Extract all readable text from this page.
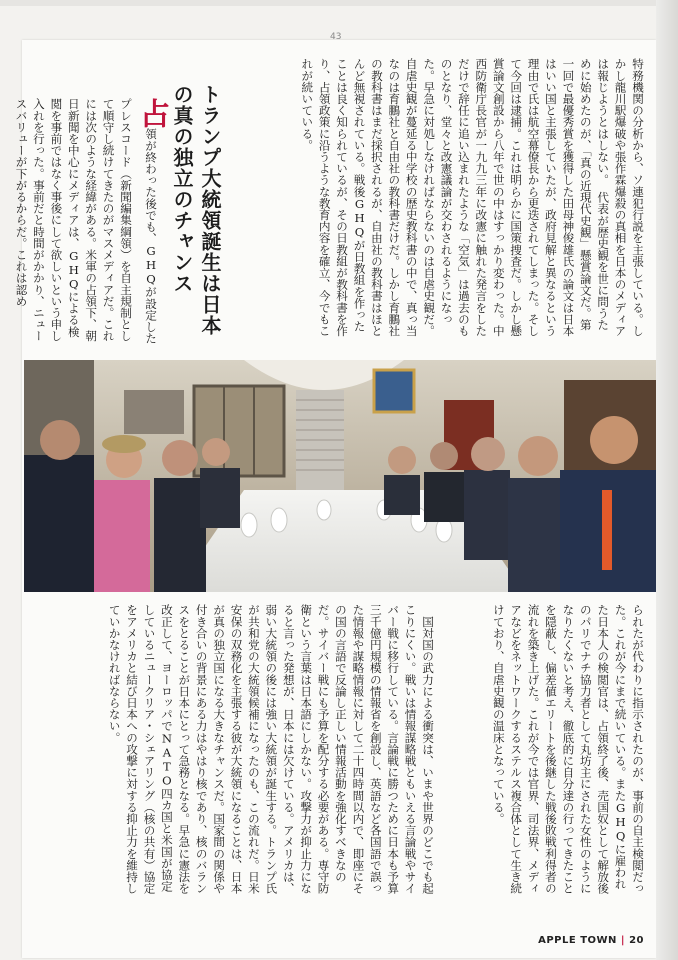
43

特務機関の分析から、ソ連犯行説を主張している。しかし龍川駅爆破や張作霖爆殺の真相を日本のメディアは報じようとはしない。　代表が歴史観を世に問うために始めたのが、「真の近現代史観」懸賞論文だ。第一回で最優秀賞を獲得した田母神俊雄氏の論文は日本はいい国と主張していたが、政府見解と異なるという理由で氏は航空幕僚長から更迭されてしまった。そして今回は逮捕。これは明らかに国策捜査だ。しかし懸賞論文創設から八年で世の中はすっかり変わった。中西防衛庁長官が一九九三年に改憲に触れた発言をしただけで辞任に追い込まれたような「空気」は過去のものとなり、堂々と改憲議論が交わされるようになった。早急に対処しなければならないのは自虐史観だ。自虐史観が蔓延る中学校の歴史教科書の中で、真っ当なのは育鵬社と自由社の教科書だけだ。しかし育鵬社の教科書はまだ採択されるが、自由社の教科書はほとんど無視されている。戦後GHQが日教組を作ったことは良く知られているが、その日教組が教科書を作り、占領政策に沿うような教育内容を確立、今でもこれが続いている。

トランプ大統領誕生は日本の真の独立のチャンス

占領が終わった後でも、GHQが設定したプレスコード（新聞編集綱領）を自主規制として順守し続けてきたのがマスメディアだ。これには次のような経緯がある。米軍の占領下、朝日新聞を中心にメディアは、GHQによる検閲を事前ではなく事後にして欲しいという申し入れを行った。事前だと時間がかかり、ニュースバリューが下がるからだ。これは認め

られたが代わりに指示されたのが、事前の自主検閲だった。これが今にまで続いている。またGHQに雇われた日本人の検閲官は、占領終了後、売国奴として解放後のパリでナチ協力者として丸坊主にされた女性のようになりたくないと考え、徹底的に自分達の行ってきたことを隠蔽し、偏差値エリートを後継した戦後敗戦利得者の流れを築き上げた。これが今では官界、司法界、メディアなどをネットワークするステルス複合体として生き続けており、自虐史観の温床となっている。

　国対国の武力による衝突は、いまや世界のどこでも起こりにくい。戦いは情報謀略戦ともいえる言論戦やサイバー戦に移行している。言論戦に勝つために日本も予算三千億円規模の情報省を創設し、英語など各国語で誤った情報や謀略情報に対して二十四時間以内で、即座にその国の言語で反論し正しい情報活動を強化すべきなのだ。サイバー戦にも予算を配分する必要がある。専守防衛という言葉は日本語にしかない。攻撃力が抑止力になると言った発想が、日本には欠けている。アメリカは、弱い大統領の後には強い大統領が誕生する。トランプ氏が共和党の大統領候補になったのも、この流れだ。日米安保の双務化を主張する彼が大統領になることは、日本が真の独立国になる大きなチャンスだ。国家間の関係や付き合いの背景にある力はやはり核であり、核のバランスをとることが日本にとって急務となる。早急に憲法を改正して、ヨーロッパでNATO四カ国と米国が協定しているニュークリア・シェアリング（核の共有）協定をアメリカと結び日本への攻撃に対する抑止力を維持していかなければならない。

APPLE TOWN | 20
